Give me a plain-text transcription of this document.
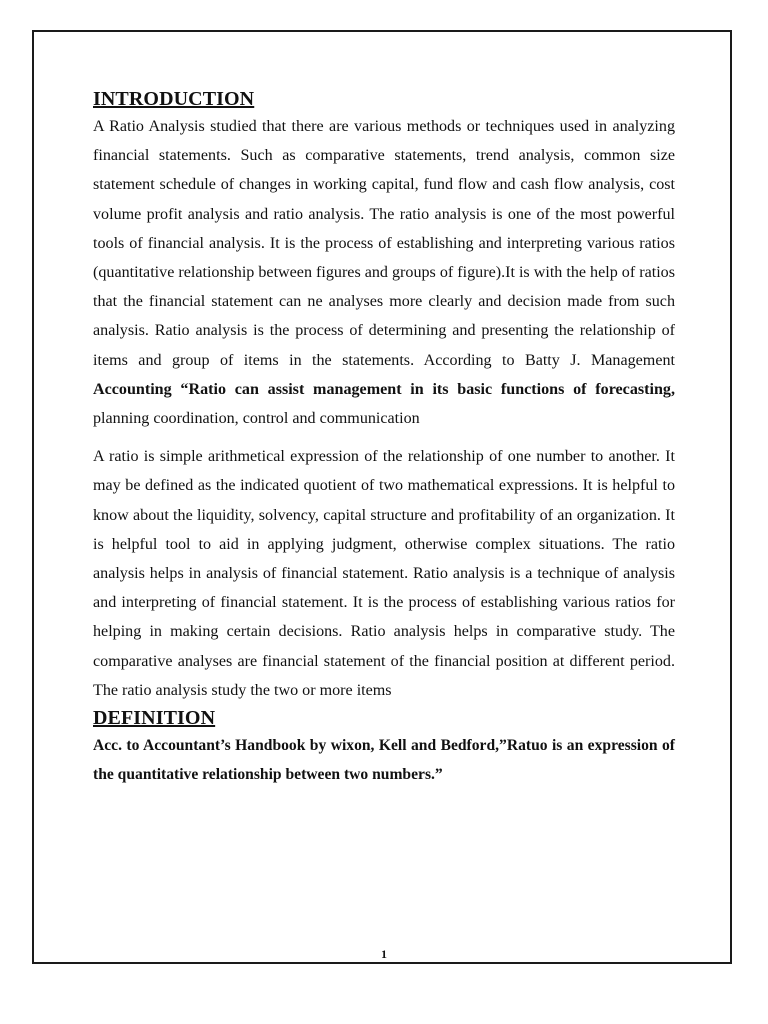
INTRODUCTION

A Ratio Analysis studied that there are various methods or techniques used in analyzing financial statements. Such as comparative statements, trend analysis, common size statement schedule of changes in working capital, fund flow and cash flow analysis, cost volume profit analysis and ratio analysis. The ratio analysis is one of the most powerful tools of financial analysis. It is the process of establishing and interpreting various ratios (quantitative relationship between figures and groups of figure).It is with the help of ratios that the financial statement can ne analyses more clearly and decision made from such analysis. Ratio analysis is the process of determining and presenting the relationship of items and group of items in the statements. According to Batty J. Management Accounting “Ratio can assist management in its basic functions of forecasting, planning coordination, control and communication

A ratio is simple arithmetical expression of the relationship of one number to another. It may be defined as the indicated quotient of two mathematical expressions. It is helpful to know about the liquidity, solvency, capital structure and profitability of an organization. It is helpful tool to aid in applying judgment, otherwise complex situations. The ratio analysis helps in analysis of financial statement. Ratio analysis is a technique of analysis and interpreting of financial statement. It is the process of establishing various ratios for helping in making certain decisions. Ratio analysis helps in comparative study. The comparative analyses are financial statement of the financial position at different period. The ratio analysis study the two or more items

DEFINITION

Acc. to Accountant’s Handbook by wixon, Kell and Bedford,”Ratuo is an expression of the quantitative relationship between two numbers.”

1
